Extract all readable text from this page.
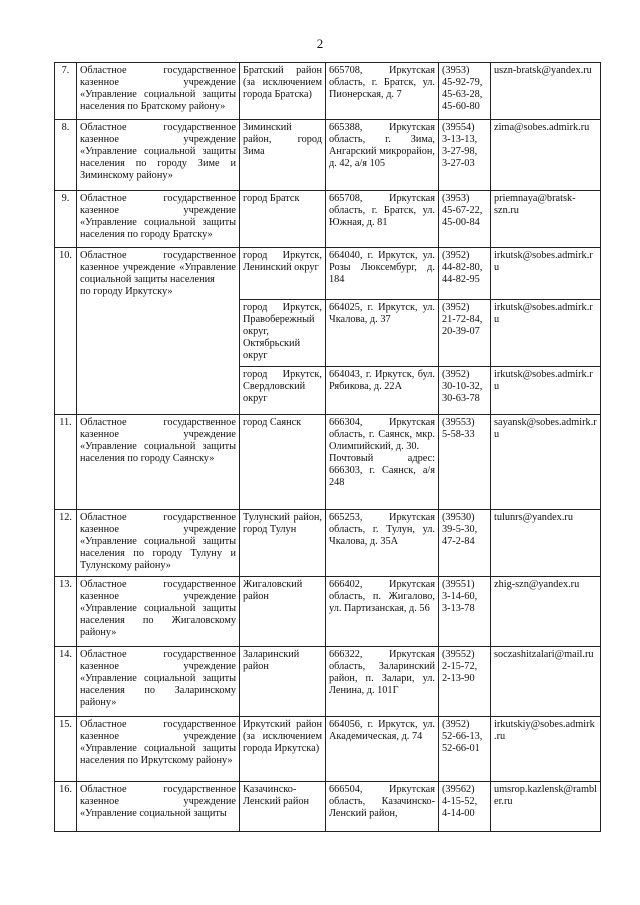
2
7.	Областное государственное казенное учреждение
«Управление социальной защиты населения по Братскому району»	Братский район (за исключением города Братска)	665708, Иркутская область, г. Братск, ул. Пионерская, д. 7	(3953)
45-92-79,
45-63-28,
45-60-80	uszn-bratsk@yandex.ru
8.	Областное государственное казенное учреждение
«Управление социальной защиты населения по городу Зиме и Зиминскому району»	Зиминский район, город Зима	665388, Иркутская область, г. Зима, Ангарский микрорайон, д. 42, а/я 105	(39554)
3-13-13,
3-27-98,
3-27-03	zima@sobes.admirk.ru
9.	Областное государственное казенное учреждение
«Управление социальной защиты населения по городу Братску»	город Братск	665708, Иркутская область, г. Братск, ул. Южная, д. 81	(3953)
45-67-22,
45-00-84	priemnaya@bratsk-szn.ru
10.	Областное государственное казенное учреждение «Управление социальной защиты населения
по городу Иркутску»	город Иркутск, Ленинский округ	664040, г. Иркутск, ул. Розы Люксембург, д. 184	(3952)
44-82-80,
44-82-95	irkutsk@sobes.admirk.ru
		город Иркутск, Правобережный округ, Октябрьский округ	664025, г. Иркутск, ул. Чкалова, д. 37	(3952)
21-72-84,
20-39-07	irkutsk@sobes.admirk.ru
		город Иркутск, Свердловский округ	664043, г. Иркутск, бул. Рябикова, д. 22А	(3952)
30-10-32,
30-63-78	irkutsk@sobes.admirk.ru
11.	Областное государственное казенное учреждение
«Управление социальной защиты населения по городу Саянску»	город Саянск	666304, Иркутская область, г. Саянск, мкр. Олимпийский, д. 30.
Почтовый адрес: 666303, г. Саянск, а/я 248	(39553)
5-58-33	sayansk@sobes.admirk.ru
12.	Областное государственное казенное учреждение
«Управление социальной защиты населения по городу Тулуну и Тулунскому району»	Тулунский район, город Тулун	665253, Иркутская область, г. Тулун, ул. Чкалова, д. 35А	(39530)
39-5-30,
47-2-84	tulunrs@yandex.ru
13.	Областное государственное казенное учреждение
«Управление социальной защиты населения по Жигаловскому району»	Жигаловский район	666402, Иркутская область, п. Жигалово, ул. Партизанская, д. 56	(39551)
3-14-60,
3-13-78	zhig-szn@yandex.ru
14.	Областное государственное казенное учреждение
«Управление социальной защиты населения по Заларинскому району»	Заларинский район	666322, Иркутская область, Заларинский район, п. Залари, ул. Ленина, д. 101Г	(39552)
2-15-72,
2-13-90	soczashitzalari@mail.ru
15.	Областное государственное казенное учреждение
«Управление социальной защиты населения по Иркутскому району»	Иркутский район (за исключением города Иркутска)	664056, г. Иркутск, ул. Академическая, д. 74	(3952)
52-66-13,
52-66-01	irkutskiy@sobes.admirk.ru
16.	Областное государственное казенное учреждение
«Управление социальной защиты	Казачинско-Ленский район	666504, Иркутская область, Казачинско-Ленский район,	(39562)
4-15-52,
4-14-00	umsrop.kazlensk@rambler.ru
